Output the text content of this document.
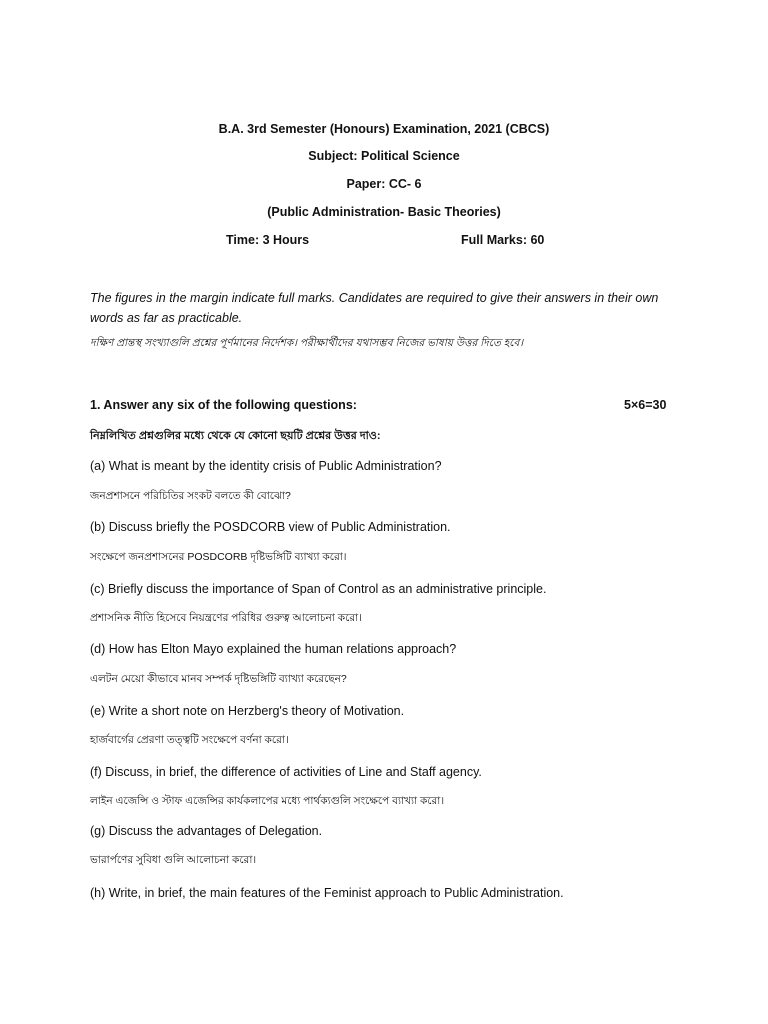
B.A. 3rd Semester (Honours) Examination, 2021 (CBCS)
Subject: Political Science
Paper: CC- 6
(Public Administration- Basic Theories)
Time: 3 Hours	Full Marks: 60
The figures in the margin indicate full marks. Candidates are required to give their answers in their own words as far as practicable.
দক্ষিণ প্রান্তস্থ সংখ্যাগুলি প্রশ্নের পূর্ণমানের নির্দেশক। পরীক্ষার্থীদের যথাসম্ভব নিজের ভাষায় উত্তর দিতে হবে।
1. Answer any six of the following questions:	5×6=30
নিম্নলিখিত প্রশ্নগুলির মধ্যে থেকে যে কোনো ছয়টি প্রশ্নের উত্তর দাও:
(a) What is meant by the identity crisis of Public Administration?
জনপ্রশাসনে পরিচিতির সংকট বলতে কী বোঝো?
(b) Discuss briefly the POSDCORB view of Public Administration.
সংক্ষেপে জনপ্রশাসনের POSDCORB দৃষ্টিভঙ্গিটি ব্যাখ্যা করো।
(c) Briefly discuss the importance of Span of Control as an administrative principle.
প্রশাসনিক নীতি হিসেবে নিয়ন্ত্রণের পরিধির গুরুত্ব আলোচনা করো।
(d) How has Elton Mayo explained the human relations approach?
এলটন মেয়ো কীভাবে মানব সম্পর্ক দৃষ্টিভঙ্গিটি ব্যাখ্যা করেছেন?
(e) Write a short note on Herzberg's theory of Motivation.
হার্জবার্গের প্রেরণা তত্ত্বটি সংক্ষেপে বর্ণনা করো।
(f) Discuss, in brief, the difference of activities of Line and Staff agency.
লাইন এজেন্সি ও স্টাফ এজেন্সির কার্যকলাপের মধ্যে পার্থক্যগুলি সংক্ষেপে ব্যাখ্যা করো।
(g) Discuss the advantages of Delegation.
ভারার্পণের সুবিধা গুলি আলোচনা করো।
(h) Write, in brief, the main features of the Feminist approach to Public Administration.
